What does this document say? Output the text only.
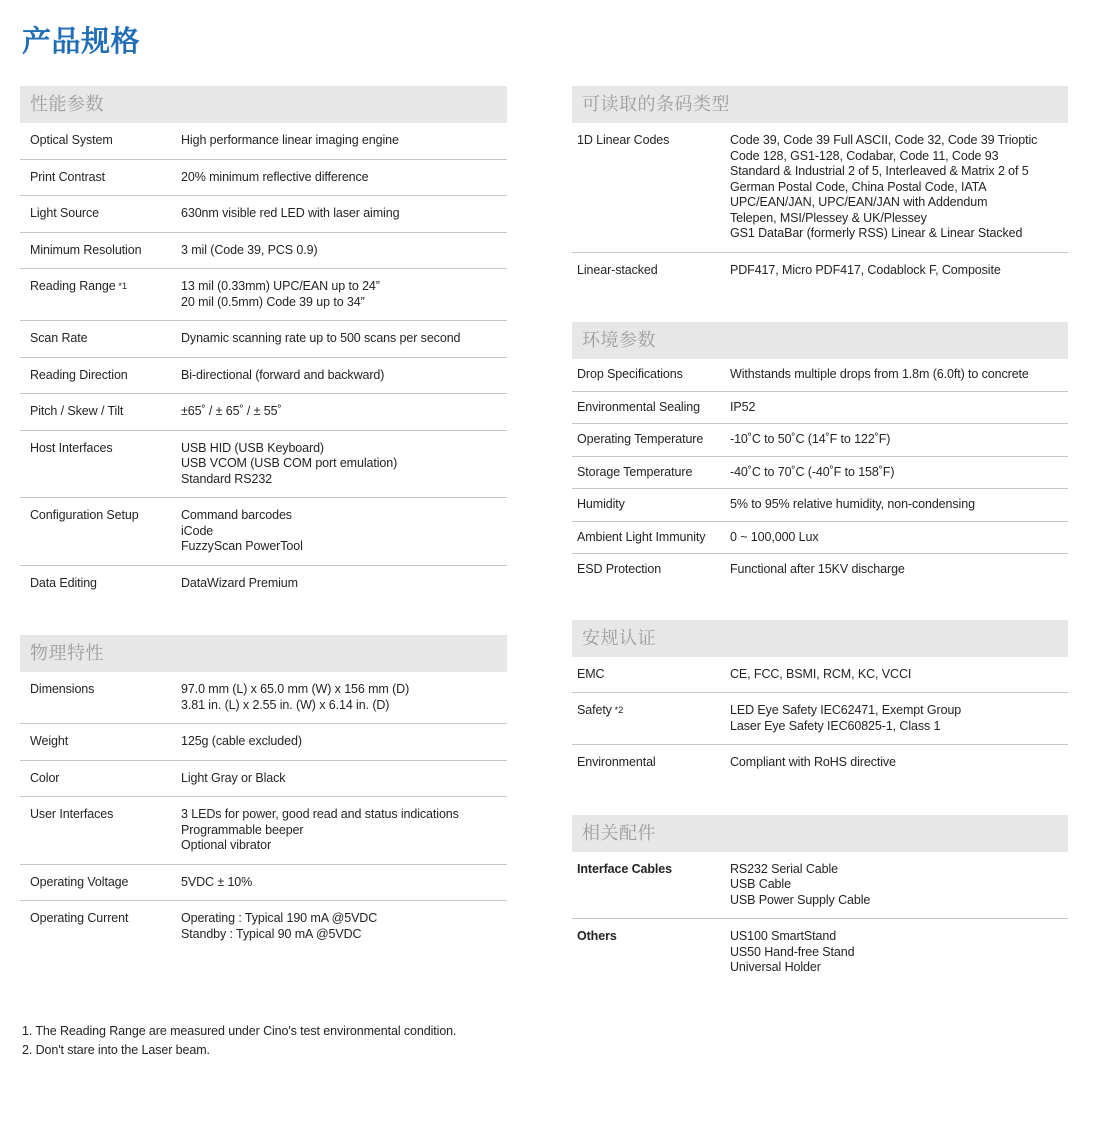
产品规格
性能参数
Optical System	High performance linear imaging engine
Print Contrast	20% minimum reflective difference
Light Source	630nm visible red LED with laser aiming
Minimum Resolution	3 mil (Code 39, PCS 0.9)
Reading Range *1	13 mil (0.33mm) UPC/EAN up to 24”
20 mil (0.5mm) Code 39 up to 34”
Scan Rate	Dynamic scanning rate up to 500 scans per second
Reading Direction	Bi-directional (forward and backward)
Pitch / Skew / Tilt	±65˚ / ± 65˚ / ± 55˚
Host Interfaces	USB HID (USB Keyboard)
USB VCOM (USB COM port emulation)
Standard RS232
Configuration Setup	Command barcodes
iCode
FuzzyScan PowerTool
Data Editing	DataWizard Premium
物理特性
Dimensions	97.0 mm (L) x 65.0 mm (W) x 156 mm (D)
3.81 in. (L) x 2.55 in. (W) x 6.14 in. (D)
Weight	125g (cable excluded)
Color	Light Gray or Black
User Interfaces	3 LEDs for power, good read and status indications
Programmable beeper
Optional vibrator
Operating Voltage	5VDC ± 10%
Operating Current	Operating : Typical 190 mA @5VDC
Standby : Typical 90 mA @5VDC
1. The Reading Range are measured under Cino's test environmental condition.
2. Don't stare into the Laser beam.
可读取的条码类型
1D Linear Codes	Code 39, Code 39 Full ASCII, Code 32, Code 39 Trioptic
Code 128, GS1-128, Codabar, Code 11, Code 93
Standard & Industrial 2 of 5, Interleaved & Matrix 2 of 5
German Postal Code, China Postal Code, IATA
UPC/EAN/JAN, UPC/EAN/JAN with Addendum
Telepen, MSI/Plessey & UK/Plessey
GS1 DataBar (formerly RSS) Linear & Linear Stacked
Linear-stacked	PDF417, Micro PDF417, Codablock F, Composite
环境参数
Drop Specifications	Withstands multiple drops from 1.8m (6.0ft) to concrete
Environmental Sealing	IP52
Operating Temperature	-10˚C to 50˚C (14˚F to 122˚F)
Storage Temperature	-40˚C to 70˚C (-40˚F to 158˚F)
Humidity	5% to 95% relative humidity, non-condensing
Ambient Light Immunity	0 ~ 100,000 Lux
ESD Protection	Functional after 15KV discharge
安规认证
EMC	CE, FCC, BSMI, RCM, KC, VCCI
Safety *2	LED Eye Safety IEC62471, Exempt Group
Laser Eye Safety IEC60825-1, Class 1
Environmental	Compliant with RoHS directive
相关配件
Interface Cables	RS232 Serial Cable
USB Cable
USB Power Supply Cable
Others	US100 SmartStand
US50 Hand-free Stand
Universal Holder
